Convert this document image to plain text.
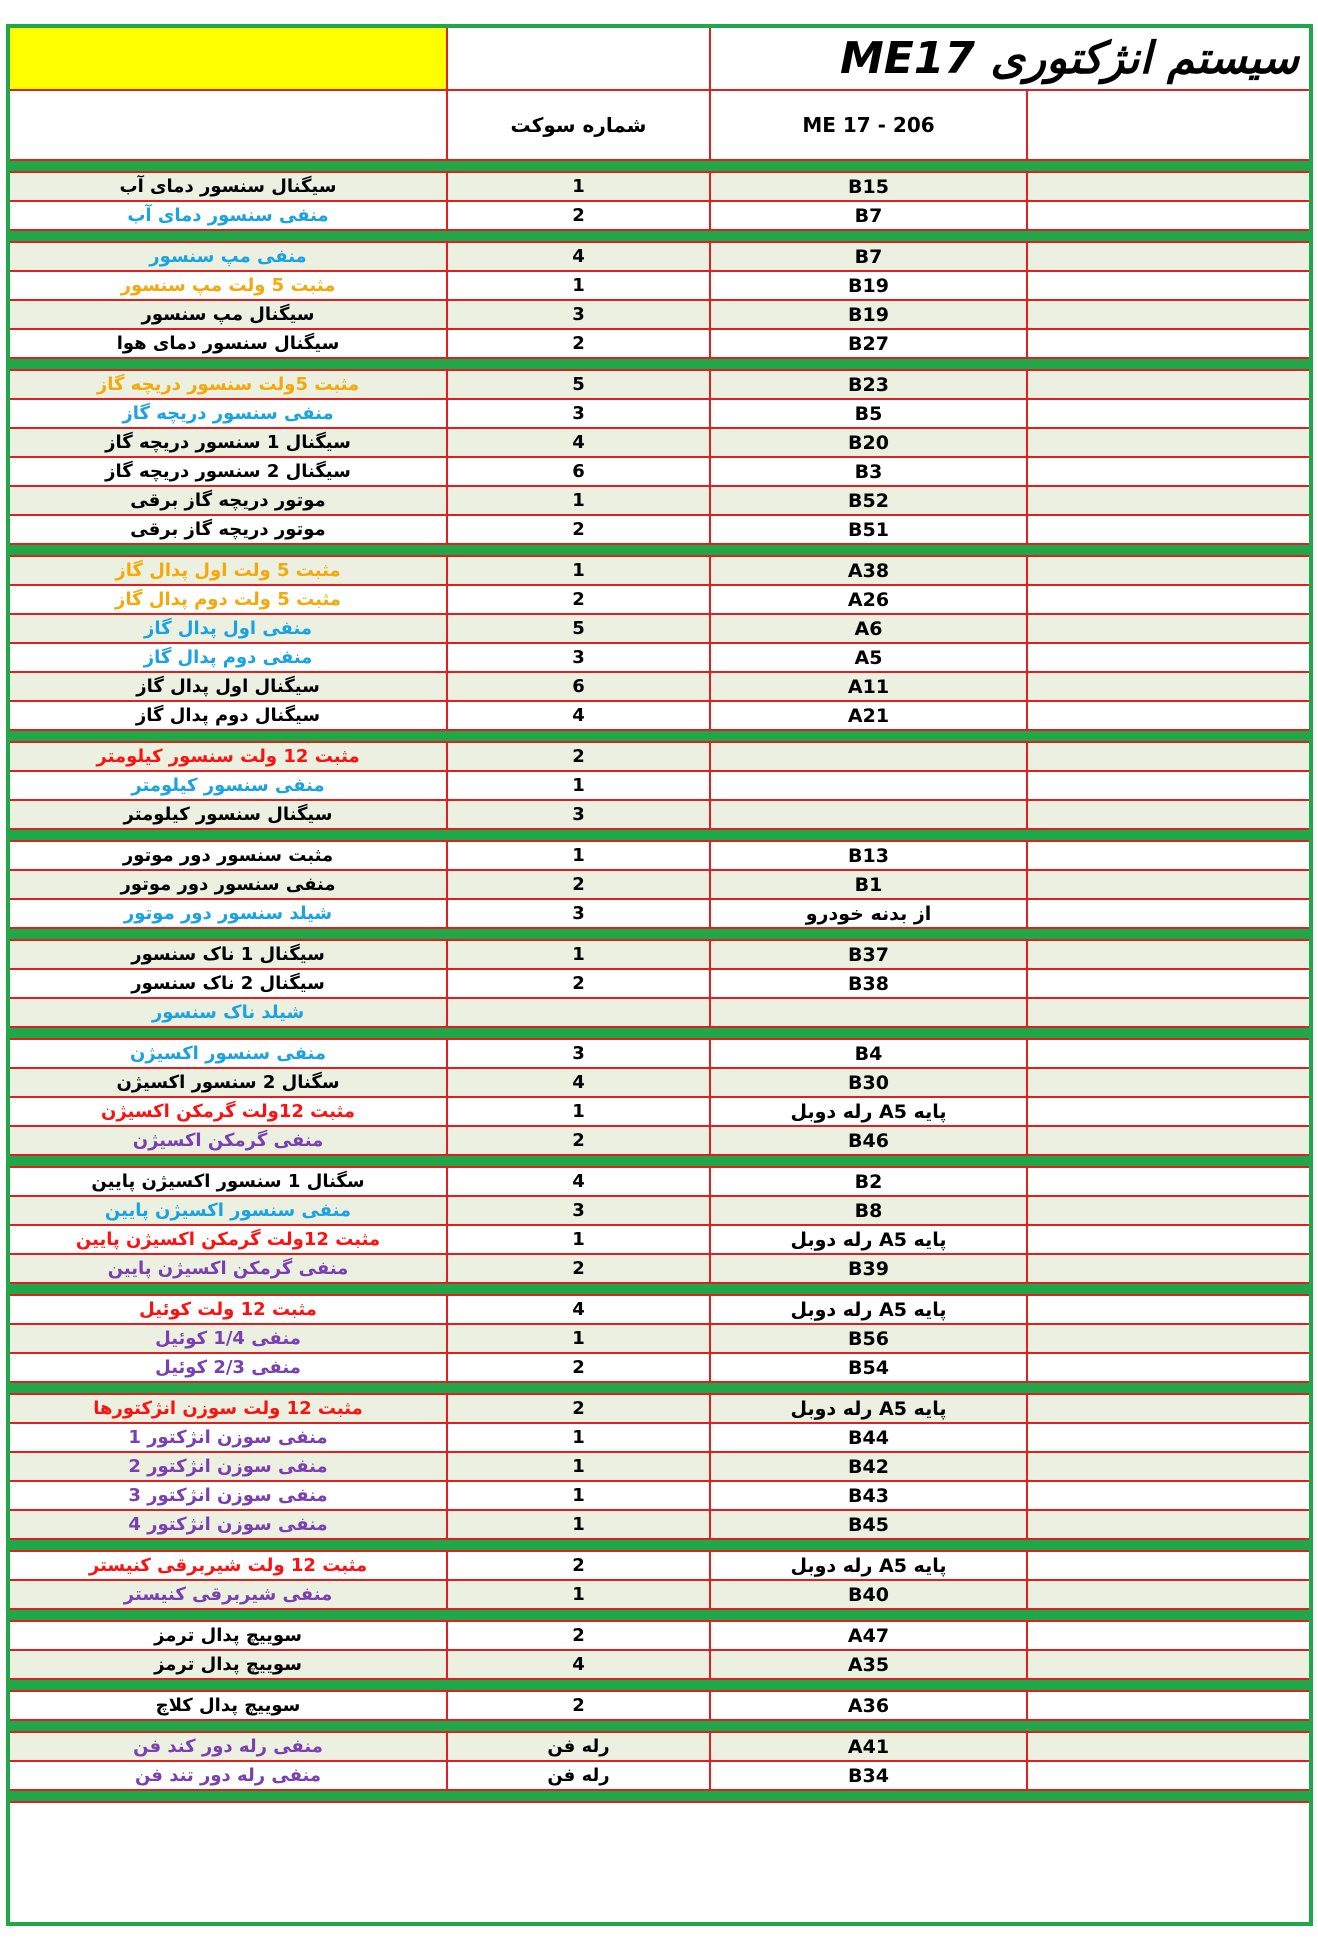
سیستم انژکتوری ME17
شماره سوکت	ME 17 - 206
سیگنال سنسور دمای آب	1	B15
منفی سنسور دمای آب	2	B7
منفی مپ سنسور	4	B7
مثبت 5 ولت مپ سنسور	1	B19
سیگنال مپ سنسور	3	B19
سیگنال سنسور دمای هوا	2	B27
مثبت 5ولت سنسور دریچه گاز	5	B23
منفی سنسور دریچه گاز	3	B5
سیگنال 1 سنسور دریچه گاز	4	B20
سیگنال 2 سنسور دریچه گاز	6	B3
موتور دریچه گاز برقی	1	B52
موتور دریچه گاز برقی	2	B51
مثبت 5 ولت اول پدال گاز	1	A38
مثبت 5 ولت دوم پدال گاز	2	A26
منفی اول پدال گاز	5	A6
منفی دوم پدال گاز	3	A5
سیگنال اول پدال گاز	6	A11
سیگنال دوم پدال گاز	4	A21
مثبت 12 ولت سنسور کیلومتر	2
منفی سنسور کیلومتر	1
سیگنال سنسور کیلومتر	3
مثبت سنسور دور موتور	1	B13
منفی سنسور دور موتور	2	B1
شیلد سنسور دور موتور	3	از بدنه خودرو
سیگنال 1 ناک سنسور	1	B37
سیگنال 2 ناک سنسور	2	B38
شیلد ناک سنسور
منفی سنسور اکسیژن	3	B4
سگنال 2 سنسور اکسیژن	4	B30
مثبت 12ولت گرمکن اکسیژن	1	پایه A5 رله دوبل
منفی گرمکن اکسیژن	2	B46
سگنال 1 سنسور اکسیژن پایین	4	B2
منفی سنسور اکسیژن پایین	3	B8
مثبت 12ولت گرمکن اکسیژن پایین	1	پایه A5 رله دوبل
منفی گرمکن اکسیژن پایین	2	B39
مثبت 12 ولت کوئیل	4	پایه A5 رله دوبل
منفی 1/4 کوئیل	1	B56
منفی 2/3 کوئیل	2	B54
مثبت 12 ولت سوزن انژکتورها	2	پایه A5 رله دوبل
منفی سوزن انژکتور 1	1	B44
منفی سوزن انژکتور 2	1	B42
منفی سوزن انژکتور 3	1	B43
منفی سوزن انژکتور 4	1	B45
مثبت 12 ولت شیربرقی کنیستر	2	پایه A5 رله دوبل
منفی شیربرقی کنیستر	1	B40
سوییچ پدال ترمز	2	A47
سوییچ پدال ترمز	4	A35
سوییچ پدال کلاچ	2	A36
منفی رله دور کند فن	رله فن	A41
منفی رله دور تند فن	رله فن	B34
